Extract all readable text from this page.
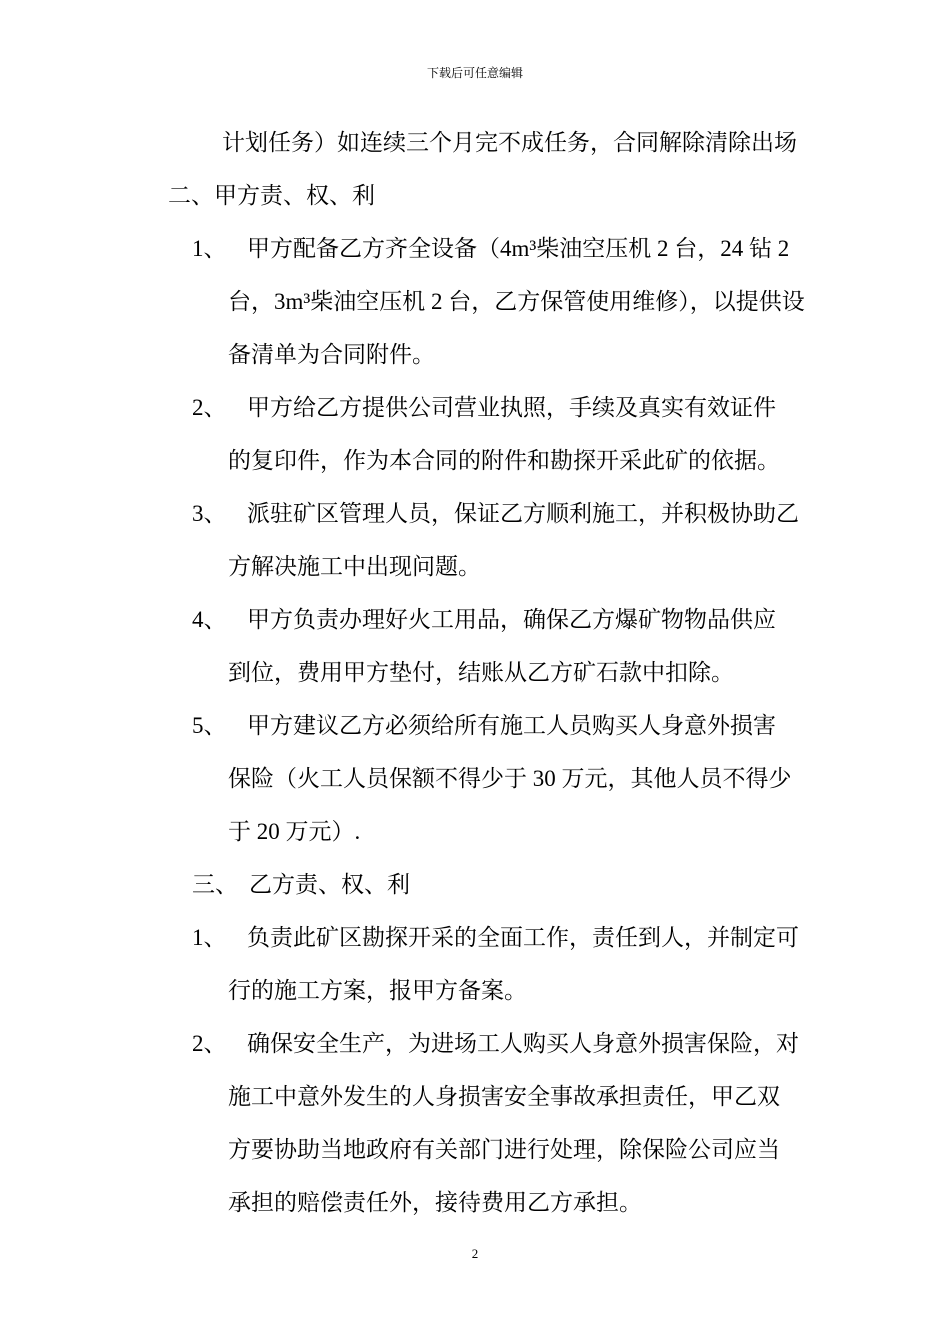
下载后可任意编辑
计划任务）如连续三个月完不成任务，合同解除清除出场
二、甲方责、权、利
1、 甲方配备乙方齐全设备（4m³柴油空压机 2 台，24 钻 2
台，3m³柴油空压机 2 台，乙方保管使用维修），以提供设
备清单为合同附件。
2、 甲方给乙方提供公司营业执照，手续及真实有效证件
的复印件，作为本合同的附件和勘探开采此矿的依据。
3、 派驻矿区管理人员，保证乙方顺利施工，并积极协助乙
方解决施工中出现问题。
4、 甲方负责办理好火工用品，确保乙方爆矿物物品供应
到位，费用甲方垫付，结账从乙方矿石款中扣除。
5、 甲方建议乙方必须给所有施工人员购买人身意外损害
保险（火工人员保额不得少于 30 万元，其他人员不得少
于 20 万元）.
三、 乙方责、权、利
1、 负责此矿区勘探开采的全面工作，责任到人，并制定可
行的施工方案，报甲方备案。
2、 确保安全生产，为进场工人购买人身意外损害保险，对
施工中意外发生的人身损害安全事故承担责任，甲乙双
方要协助当地政府有关部门进行处理，除保险公司应当
承担的赔偿责任外，接待费用乙方承担。
2
